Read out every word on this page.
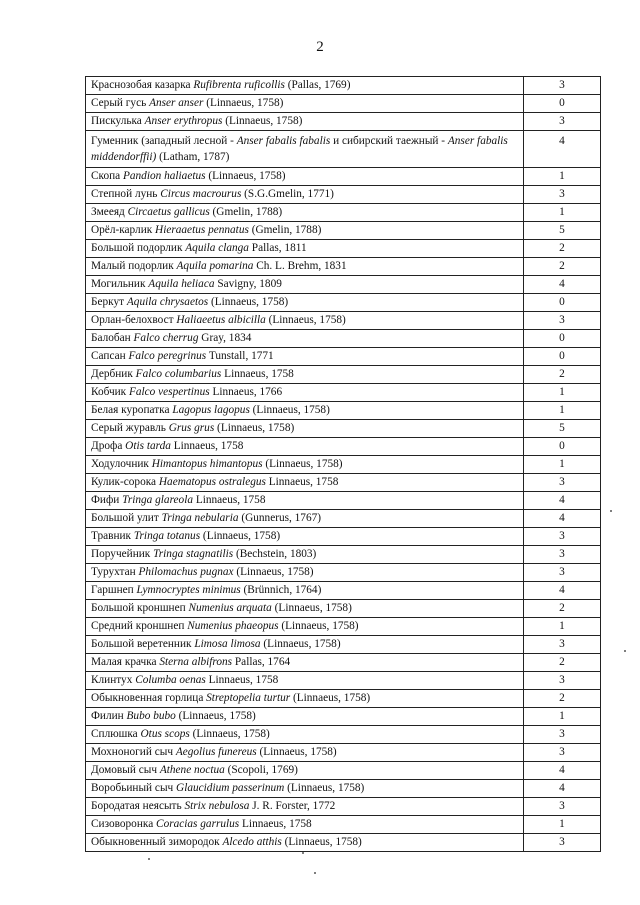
2
Краснозобая казарка Rufibrenta ruficollis (Pallas, 1769)	3
Серый гусь Anser anser (Linnaeus, 1758)	0
Пискулька Anser erythropus (Linnaeus, 1758)	3
Гуменник (западный лесной - Anser fabalis fabalis и сибирский таежный - Anser fabalis middendorffii) (Latham, 1787)	4
Скопа Pandion haliaetus (Linnaeus, 1758)	1
Степной лунь Circus macrourus (S.G.Gmelin, 1771)	3
Змееяд Circaetus gallicus (Gmelin, 1788)	1
Орёл-карлик Hieraaetus pennatus (Gmelin, 1788)	5
Большой подорлик Aquila clanga Pallas, 1811	2
Малый подорлик Aquila pomarina Ch. L. Brehm, 1831	2
Могильник Aquila heliaca Savigny, 1809	4
Беркут Aquila chrysaetos (Linnaeus, 1758)	0
Орлан-белохвост Haliaeetus albicilla (Linnaeus, 1758)	3
Балобан Falco cherrug Gray, 1834	0
Сапсан Falco peregrinus Tunstall, 1771	0
Дербник Falco columbarius Linnaeus, 1758	2
Кобчик Falco vespertinus Linnaeus, 1766	1
Белая куропатка Lagopus lagopus (Linnaeus, 1758)	1
Серый журавль Grus grus (Linnaeus, 1758)	5
Дрофа Otis tarda Linnaeus, 1758	0
Ходулочник Himantopus himantopus (Linnaeus, 1758)	1
Кулик-сорока Haematopus ostralegus Linnaeus, 1758	3
Фифи Tringa glareola Linnaeus, 1758	4
Большой улит Tringa nebularia (Gunnerus, 1767)	4
Травник Tringa totanus (Linnaeus, 1758)	3
Поручейник Tringa stagnatilis (Bechstein, 1803)	3
Турухтан Philomachus pugnax (Linnaeus, 1758)	3
Гаршнеп Lymnocryptes minimus (Brünnich, 1764)	4
Большой кроншнеп Numenius arquata (Linnaeus, 1758)	2
Средний кроншнеп Numenius phaeopus (Linnaeus, 1758)	1
Большой веретенник Limosa limosa (Linnaeus, 1758)	3
Малая крачка Sterna albifrons Pallas, 1764	2
Клинтух Columba oenas Linnaeus, 1758	3
Обыкновенная горлица Streptopelia turtur (Linnaeus, 1758)	2
Филин Bubo bubo (Linnaeus, 1758)	1
Сплюшка Otus scops (Linnaeus, 1758)	3
Мохноногий сыч Aegolius funereus (Linnaeus, 1758)	3
Домовый сыч Athene noctua (Scopoli, 1769)	4
Воробьиный сыч Glaucidium passerinum (Linnaeus, 1758)	4
Бородатая неясыть Strix nebulosa J. R. Forster, 1772	3
Сизоворонка Coracias garrulus Linnaeus, 1758	1
Обыкновенный зимородок Alcedo atthis (Linnaeus, 1758)	3
